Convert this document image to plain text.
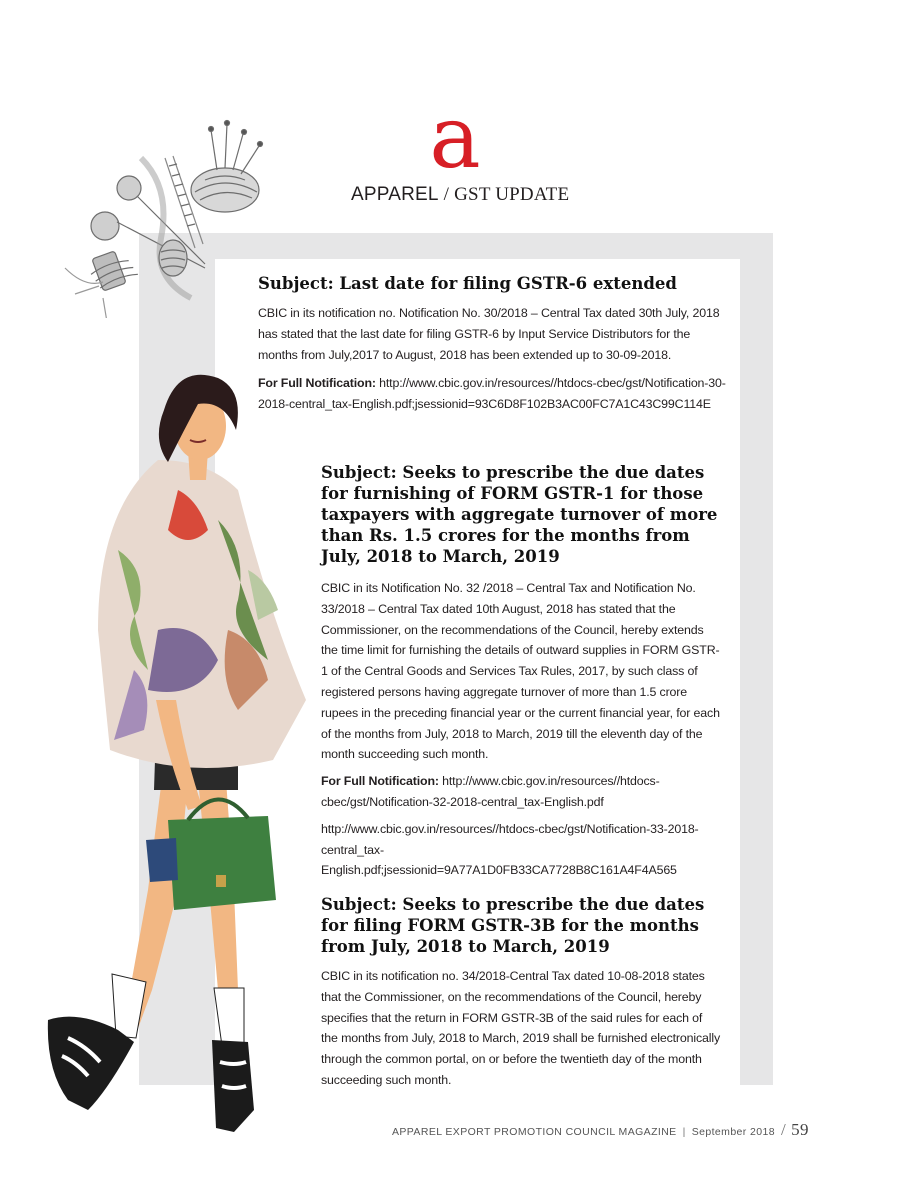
a
APPAREL / GST UPDATE
Subject: Last date for filing GSTR-6 extended

CBIC in its notification no. Notification No. 30/2018 – Central Tax dated 30th July, 2018 has stated that the last date for filing GSTR-6 by Input Service Distributors for the months from July,2017 to August, 2018 has been extended up to 30-09-2018.

For Full Notification: http://www.cbic.gov.in/resources//htdocs-cbec/gst/Notification-30-2018-central_tax-English.pdf;jsessionid=93C6D8F102B3AC00FC7A1C43C99C114E

Subject: Seeks to prescribe the due dates for furnishing of FORM GSTR-1 for those taxpayers with aggregate turnover of more than Rs. 1.5 crores for the months from July, 2018 to March, 2019

CBIC in its Notification No. 32 /2018 – Central Tax and Notification No. 33/2018 – Central Tax dated 10th August, 2018 has stated that the Commissioner, on the recommendations of the Council, hereby extends the time limit for furnishing the details of outward supplies in FORM GSTR-1 of the Central Goods and Services Tax Rules, 2017, by such class of registered persons having aggregate turnover of more than 1.5 crore rupees in the preceding financial year or the current financial year, for each of the months from July, 2018 to March, 2019 till the eleventh day of the month succeeding such month.

For Full Notification: http://www.cbic.gov.in/resources//htdocs-cbec/gst/Notification-32-2018-central_tax-English.pdf

http://www.cbic.gov.in/resources//htdocs-cbec/gst/Notification-33-2018-central_tax-English.pdf;jsessionid=9A77A1D0FB33CA7728B8C161A4F4A565

Subject: Seeks to prescribe the due dates for filing FORM GSTR-3B for the months from July, 2018 to March, 2019

CBIC in its notification no. 34/2018-Central Tax dated 10-08-2018 states that the Commissioner, on the recommendations of the Council, hereby specifies that the return in FORM GSTR-3B of the said rules for each of the months from July, 2018 to March, 2019 shall be furnished electronically through the common portal, on or before the twentieth day of the month succeeding such month.

APPAREL EXPORT PROMOTION COUNCIL MAGAZINE | September 2018 / 59
